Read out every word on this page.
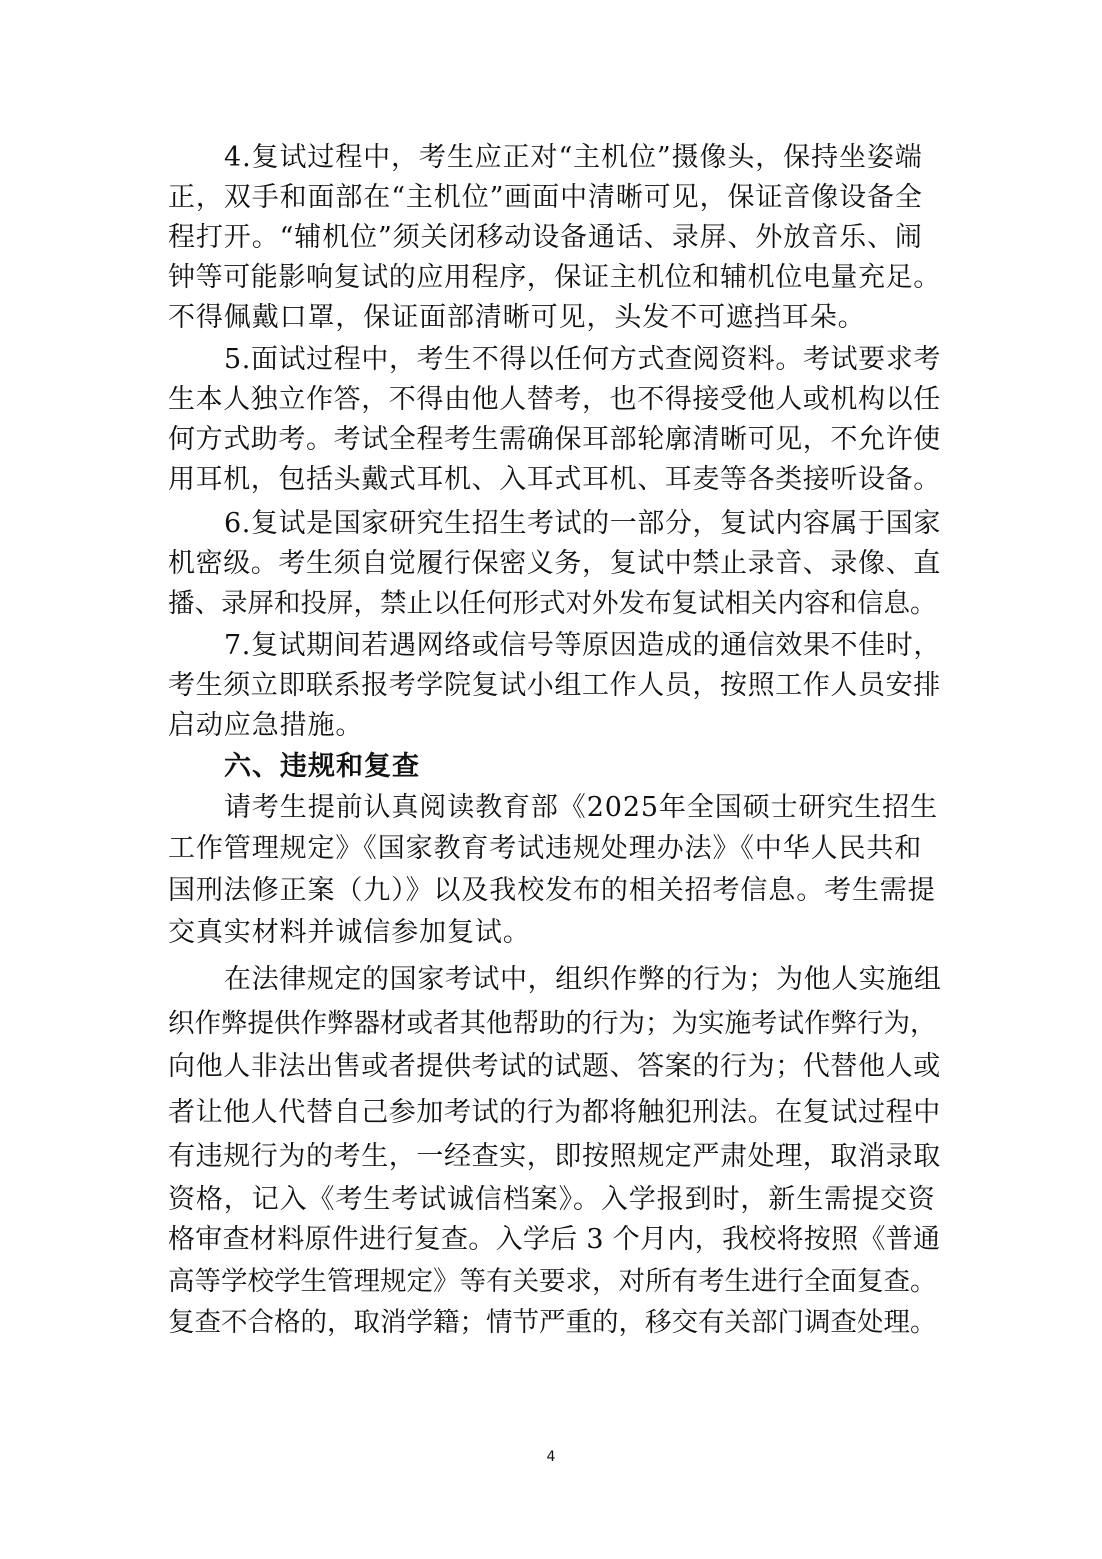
4.复试过程中，考生应正对“主机位”摄像头，保持坐姿端

正，双手和面部在“主机位”画面中清晰可见，保证音像设备全

程打开。“辅机位”须关闭移动设备通话、录屏、外放音乐、闹

钟等可能影响复试的应用程序，保证主机位和辅机位电量充足。

不得佩戴口罩，保证面部清晰可见，头发不可遮挡耳朵。

5.面试过程中，考生不得以任何方式查阅资料。考试要求考

生本人独立作答，不得由他人替考，也不得接受他人或机构以任

何方式助考。考试全程考生需确保耳部轮廓清晰可见，不允许使

用耳机，包括头戴式耳机、入耳式耳机、耳麦等各类接听设备。

6.复试是国家研究生招生考试的一部分，复试内容属于国家

机密级。考生须自觉履行保密义务，复试中禁止录音、录像、直

播、录屏和投屏，禁止以任何形式对外发布复试相关内容和信息。

7.复试期间若遇网络或信号等原因造成的通信效果不佳时，

考生须立即联系报考学院复试小组工作人员，按照工作人员安排

启动应急措施。

六、违规和复查

请考生提前认真阅读教育部《2025年全国硕士研究生招生

工作管理规定》《国家教育考试违规处理办法》《中华人民共和

国刑法修正案（九）》以及我校发布的相关招考信息。考生需提

交真实材料并诚信参加复试。

在法律规定的国家考试中，组织作弊的行为；为他人实施组

织作弊提供作弊器材或者其他帮助的行为；为实施考试作弊行为，

向他人非法出售或者提供考试的试题、答案的行为；代替他人或

者让他人代替自己参加考试的行为都将触犯刑法。在复试过程中

有违规行为的考生，一经查实，即按照规定严肃处理，取消录取

资格，记入《考生考试诚信档案》。入学报到时，新生需提交资

格审查材料原件进行复查。入学后 3 个月内，我校将按照《普通

高等学校学生管理规定》等有关要求，对所有考生进行全面复查。

复查不合格的，取消学籍；情节严重的，移交有关部门调查处理。

4
